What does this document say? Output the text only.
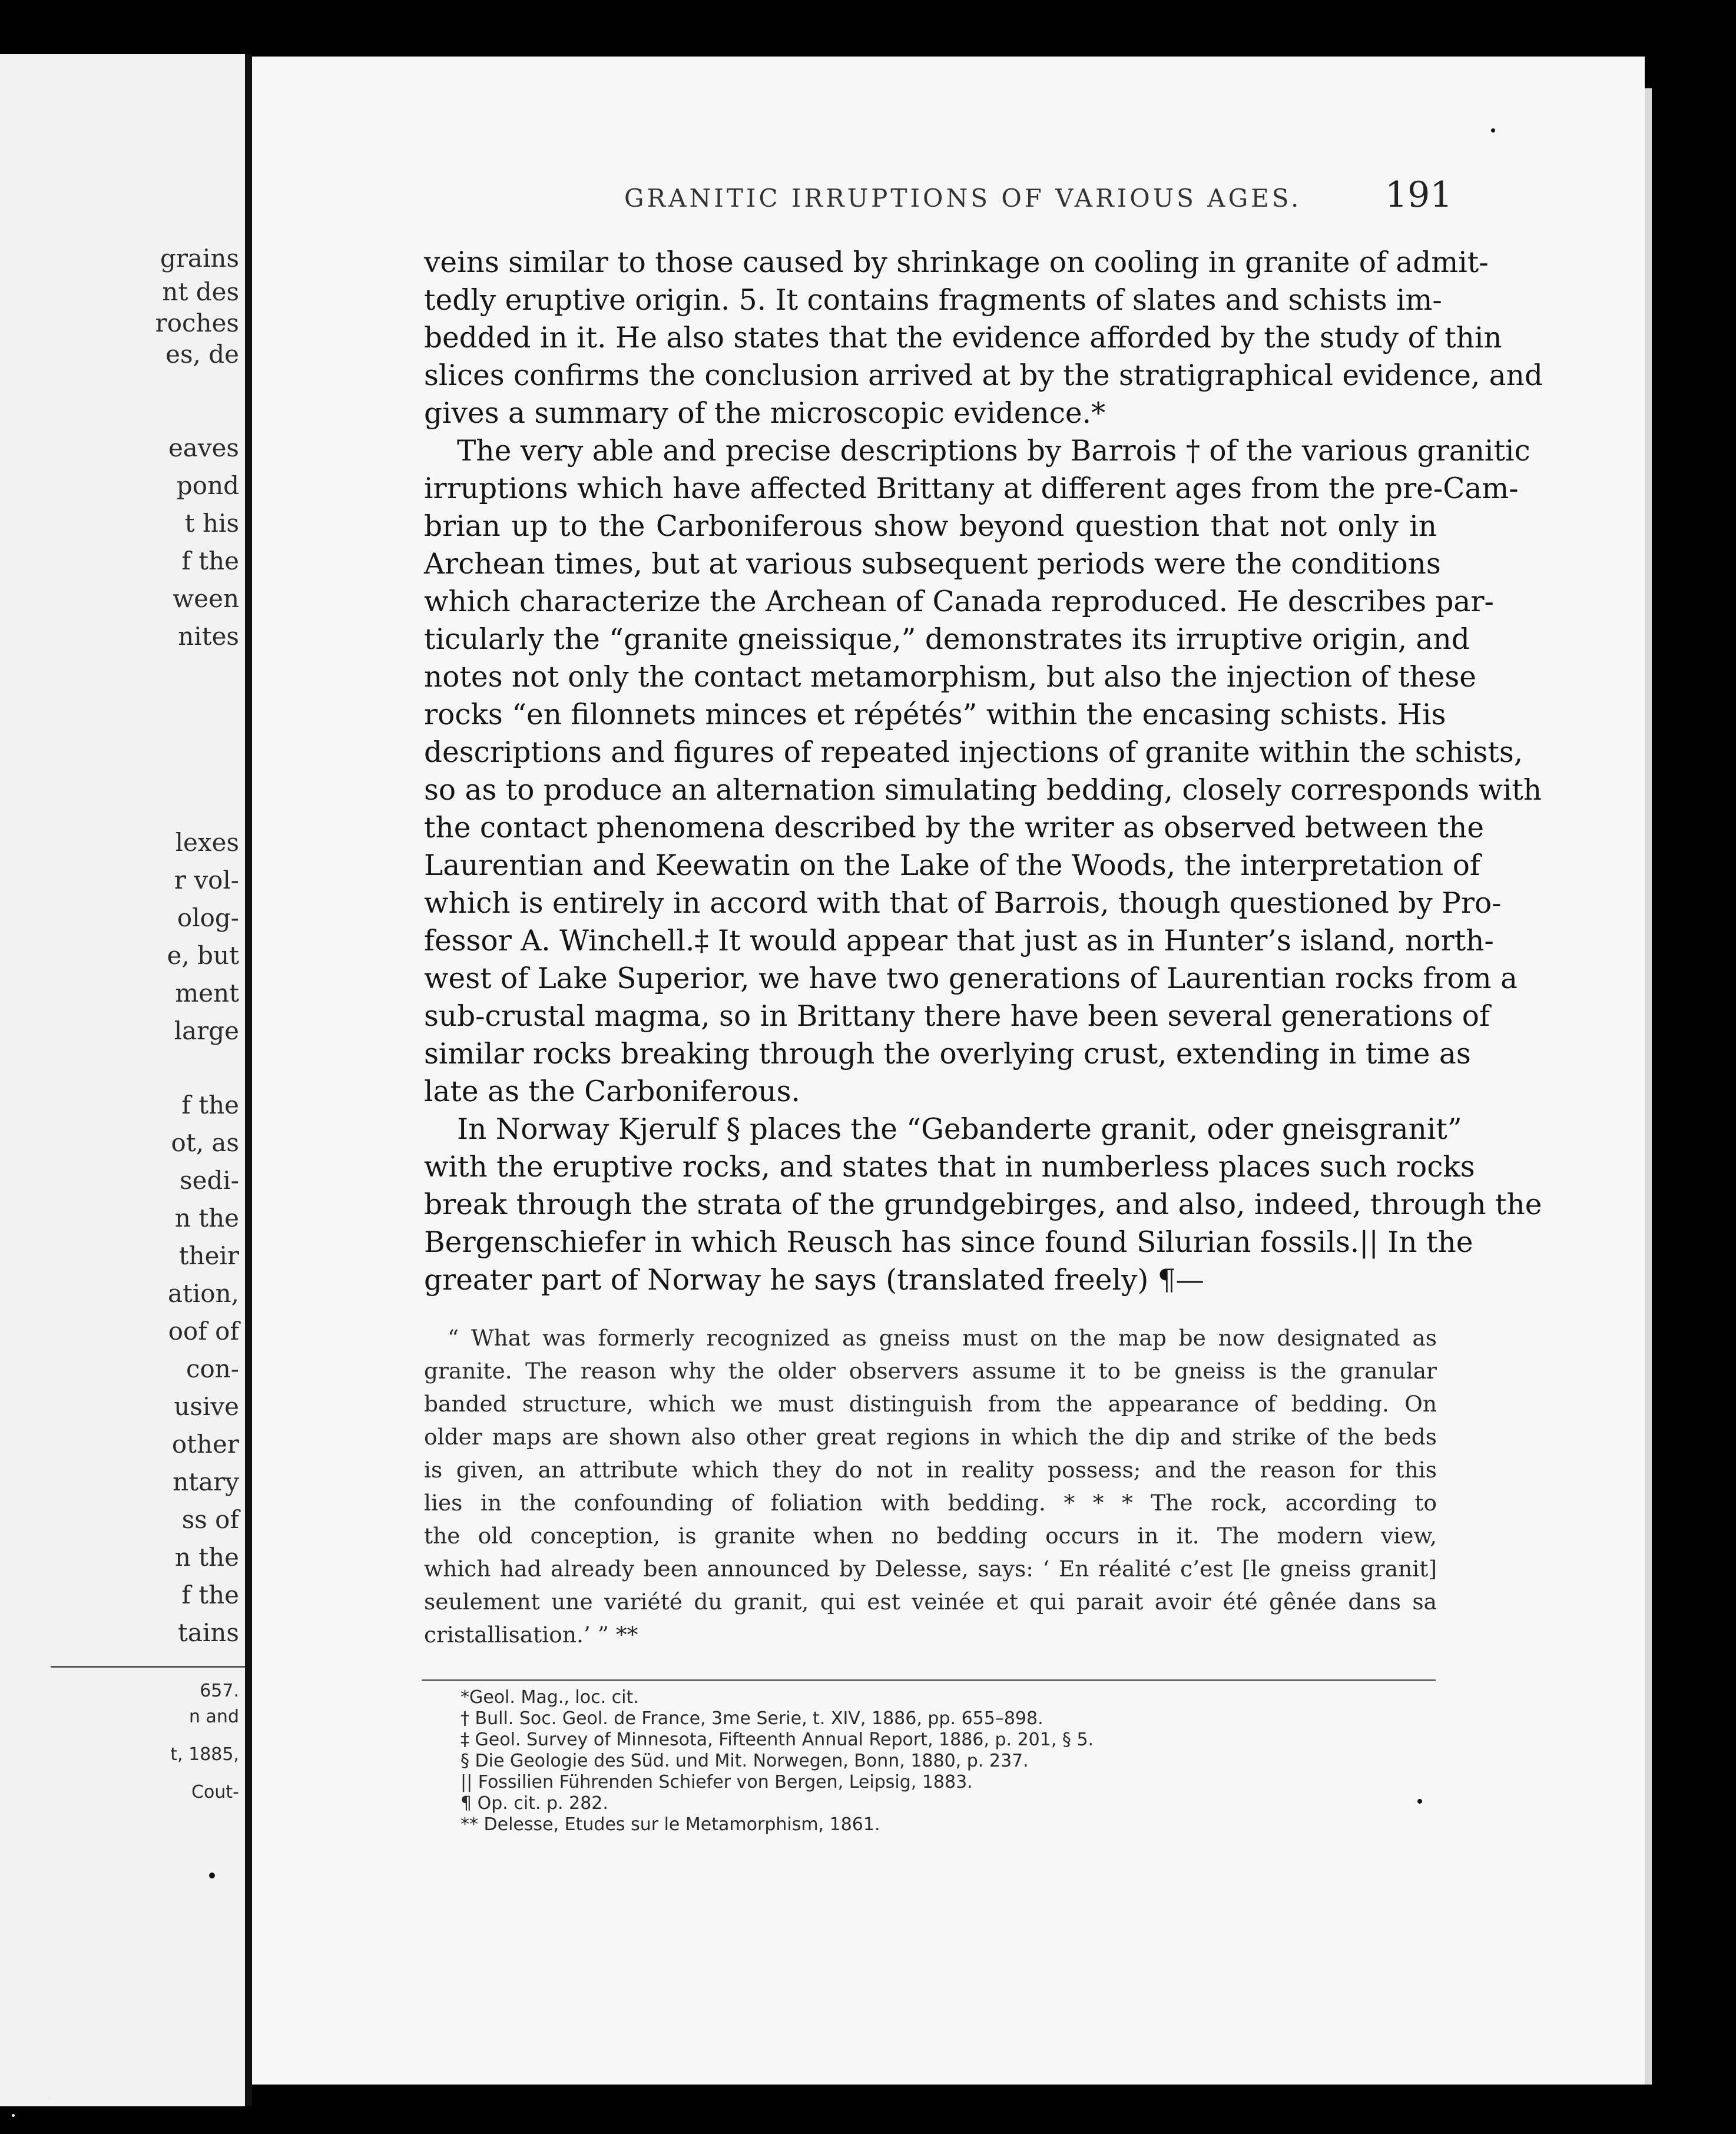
grains
nt des
roches
es, de
eaves
pond
t his
f the
ween
nites
lexes
r vol-
olog-
e, but
ment
large
f the
ot, as
sedi-
n the
their
ation,
oof of
con-
usive
other
ntary
ss of
n the
f the
tains
657.
n and
t, 1885,
Cout-
GRANITIC IRRUPTIONS OF VARIOUS AGES.	191
veins similar to those caused by shrinkage on cooling in granite of admit-
tedly eruptive origin. 5. It contains fragments of slates and schists im-
bedded in it. He also states that the evidence afforded by the study of thin
slices confirms the conclusion arrived at by the stratigraphical evidence, and
gives a summary of the microscopic evidence.*
The very able and precise descriptions by Barrois † of the various granitic
irruptions which have affected Brittany at different ages from the pre-Cam-
brian up to the Carboniferous show beyond question that not only in
Archean times, but at various subsequent periods were the conditions
which characterize the Archean of Canada reproduced. He describes par-
ticularly the “granite gneissique,” demonstrates its irruptive origin, and
notes not only the contact metamorphism, but also the injection of these
rocks “en filonnets minces et répétés” within the encasing schists. His
descriptions and figures of repeated injections of granite within the schists,
so as to produce an alternation simulating bedding, closely corresponds with
the contact phenomena described by the writer as observed between the
Laurentian and Keewatin on the Lake of the Woods, the interpretation of
which is entirely in accord with that of Barrois, though questioned by Pro-
fessor A. Winchell.‡ It would appear that just as in Hunter’s island, north-
west of Lake Superior, we have two generations of Laurentian rocks from a
sub-crustal magma, so in Brittany there have been several generations of
similar rocks breaking through the overlying crust, extending in time as
late as the Carboniferous.
In Norway Kjerulf § places the “Gebanderte granit, oder gneisgranit”
with the eruptive rocks, and states that in numberless places such rocks
break through the strata of the grundgebirges, and also, indeed, through the
Bergenschiefer in which Reusch has since found Silurian fossils.|| In the
greater part of Norway he says (translated freely) ¶—
“ What was formerly recognized as gneiss must on the map be now designated as
granite. The reason why the older observers assume it to be gneiss is the granular
banded structure, which we must distinguish from the appearance of bedding. On
older maps are shown also other great regions in which the dip and strike of the beds
is given, an attribute which they do not in reality possess; and the reason for this
lies in the confounding of foliation with bedding. * * * The rock, according to
the old conception, is granite when no bedding occurs in it. The modern view,
which had already been announced by Delesse, says: ‘ En réalité c’est [le gneiss granit]
seulement une variété du granit, qui est veinée et qui parait avoir été gênée dans sa
cristallisation.’ ” **
*Geol. Mag., loc. cit.
† Bull. Soc. Geol. de France, 3me Serie, t. XIV, 1886, pp. 655–898.
‡ Geol. Survey of Minnesota, Fifteenth Annual Report, 1886, p. 201, § 5.
§ Die Geologie des Süd. und Mit. Norwegen, Bonn, 1880, p. 237.
|| Fossilien Führenden Schiefer von Bergen, Leipsig, 1883.
¶ Op. cit. p. 282.
** Delesse, Etudes sur le Metamorphism, 1861.
